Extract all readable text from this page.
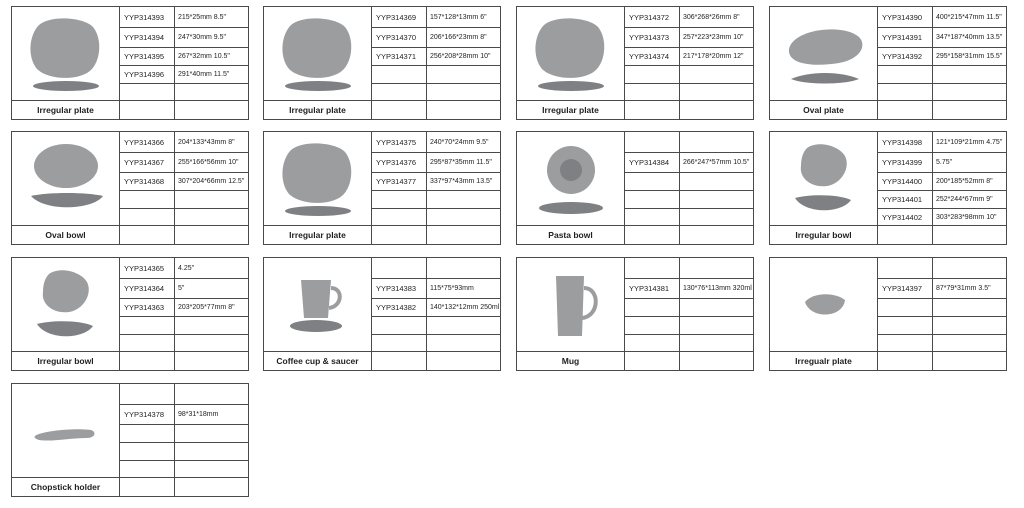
Irregular plate
YYP314393	215*25mm 8.5"
YYP314394	247*30mm 9.5"
YYP314395	267*32mm 10.5"
YYP314396	291*40mm 11.5"
Irregular plate
YYP314369	157*128*13mm 6"
YYP314370	206*166*23mm 8"
YYP314371	256*208*28mm 10"
Irregular plate
YYP314372	306*268*26mm 8"
YYP314373	257*223*23mm 10"
YYP314374	217*178*20mm 12"
Oval plate
YYP314390	400*215*47mm 11.5"
YYP314391	347*187*40mm 13.5"
YYP314392	295*158*31mm 15.5"
Oval bowl
YYP314366	204*133*43mm 8"
YYP314367	255*166*56mm 10"
YYP314368	307*204*66mm 12.5"
Irregular plate
YYP314375	240*70*24mm 9.5"
YYP314376	295*87*35mm 11.5"
YYP314377	337*97*43mm 13.5"
Pasta bowl
YYP314384	266*247*57mm 10.5"
Irregular bowl
YYP314398	121*109*21mm 4.75"
YYP314399	5.75"
YYP314400	200*185*52mm 8"
YYP314401	252*244*67mm 9"
YYP314402	303*283*98mm 10"
Irregular bowl
YYP314365	4.25"
YYP314364	5"
YYP314363	203*205*77mm 8"
Coffee cup & saucer
YYP314383	115*75*93mm
YYP314382	140*132*12mm 250ml
Mug
YYP314381	130*76*113mm 320ml
Irregualr plate
YYP314397	87*79*31mm 3.5"
Chopstick holder
YYP314378	98*31*18mm
